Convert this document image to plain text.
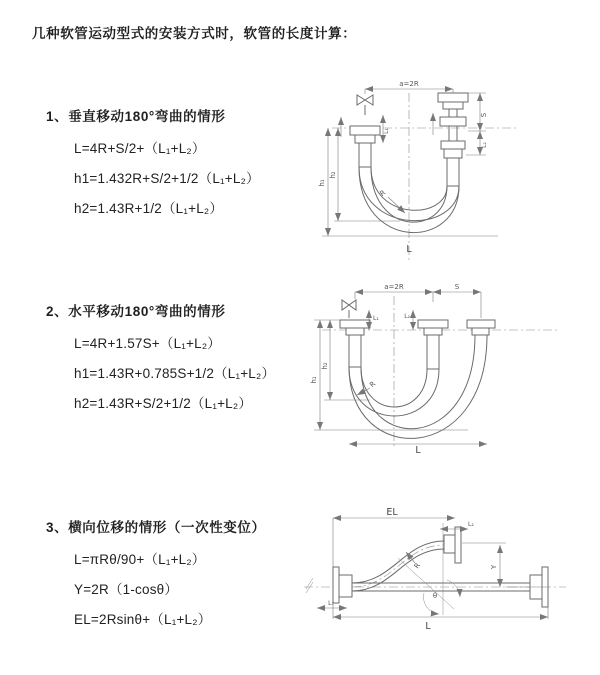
几种软管运动型式的安装方式时，软管的长度计算：
1、垂直移动180°弯曲的情形
L=4R+S/2+（L₁+L₂）
h1=1.432R+S/2+1/2（L₁+L₂）
h2=1.43R+1/2（L₁+L₂）
2、水平移动180°弯曲的情形
L=4R+1.57S+（L₁+L₂）
h1=1.43R+0.785S+1/2（L₁+L₂）
h2=1.43R+S/2+1/2（L₁+L₂）
3、横向位移的情形（一次性变位）
L=πRθ/90+（L₁+L₂）
Y=2R（1-cosθ）
EL=2Rsinθ+（L₁+L₂）
a=2R
S
L₂
L₁
h₁
h₂
R
L
a=2R	S
L₁	L₂
h₁
h₂
R
L
θ
EL
L₂
Y
R
L₁
L
